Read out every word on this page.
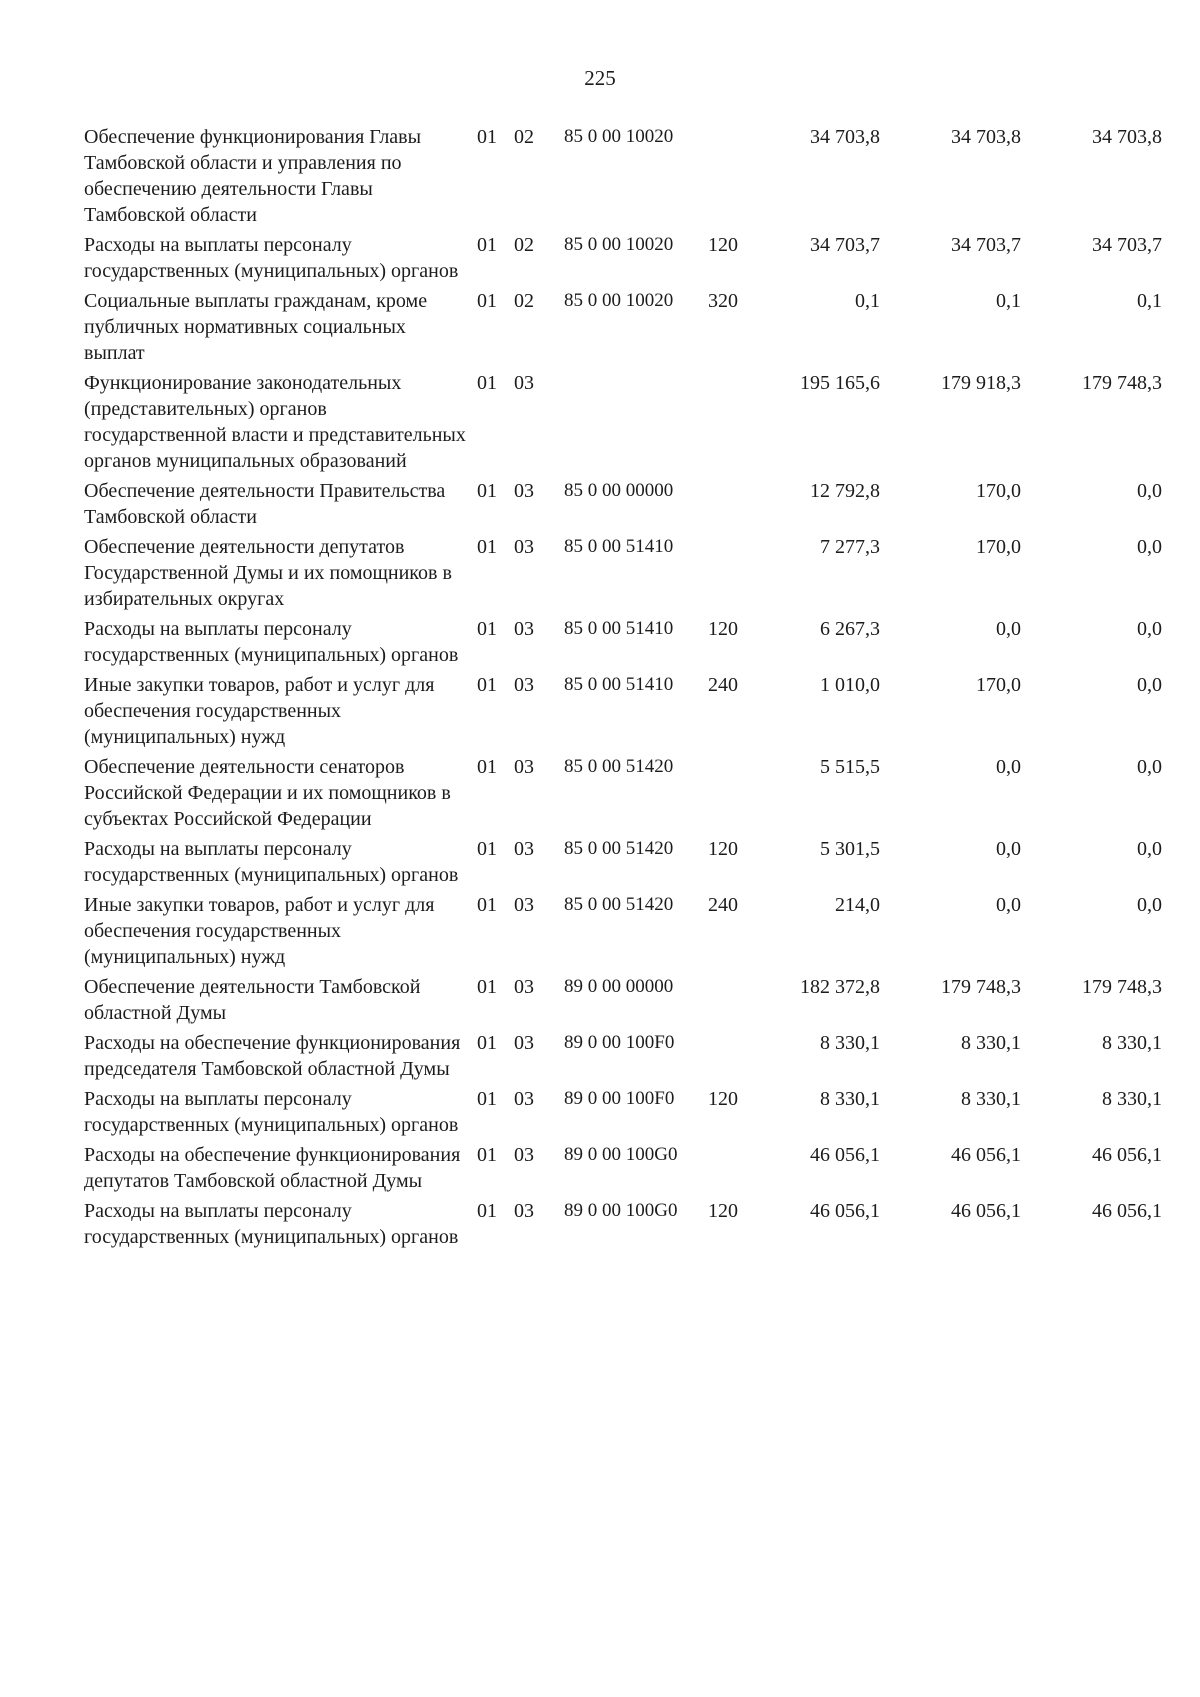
225
Обеспечение функционирования Главы Тамбовской области и управления по обеспечению деятельности Главы Тамбовской области
01 02 85 0 00 10020	34 703,8	34 703,8	34 703,8
Расходы на выплаты персоналу государственных (муниципальных) органов
01 02 85 0 00 10020 120	34 703,7	34 703,7	34 703,7
Социальные выплаты гражданам, кроме публичных нормативных социальных выплат
01 02 85 0 00 10020 320	0,1	0,1	0,1
Функционирование законодательных (представительных) органов государственной власти и представительных органов муниципальных образований
01 03	195 165,6	179 918,3	179 748,3
Обеспечение деятельности Правительства Тамбовской области
01 03 85 0 00 00000	12 792,8	170,0	0,0
Обеспечение деятельности депутатов Государственной Думы и их помощников в избирательных округах
01 03 85 0 00 51410	7 277,3	170,0	0,0
Расходы на выплаты персоналу государственных (муниципальных) органов
01 03 85 0 00 51410 120	6 267,3	0,0	0,0
Иные закупки товаров, работ и услуг для обеспечения государственных (муниципальных) нужд
01 03 85 0 00 51410 240	1 010,0	170,0	0,0
Обеспечение деятельности сенаторов Российской Федерации и их помощников в субъектах Российской Федерации
01 03 85 0 00 51420	5 515,5	0,0	0,0
Расходы на выплаты персоналу государственных (муниципальных) органов
01 03 85 0 00 51420 120	5 301,5	0,0	0,0
Иные закупки товаров, работ и услуг для обеспечения государственных (муниципальных) нужд
01 03 85 0 00 51420 240	214,0	0,0	0,0
Обеспечение деятельности Тамбовской областной Думы
01 03 89 0 00 00000	182 372,8	179 748,3	179 748,3
Расходы на обеспечение функционирования председателя Тамбовской областной Думы
01 03 89 0 00 100F0	8 330,1	8 330,1	8 330,1
Расходы на выплаты персоналу государственных (муниципальных) органов
01 03 89 0 00 100F0 120	8 330,1	8 330,1	8 330,1
Расходы на обеспечение функционирования депутатов Тамбовской областной Думы
01 03 89 0 00 100G0	46 056,1	46 056,1	46 056,1
Расходы на выплаты персоналу государственных (муниципальных) органов
01 03 89 0 00 100G0 120	46 056,1	46 056,1	46 056,1
